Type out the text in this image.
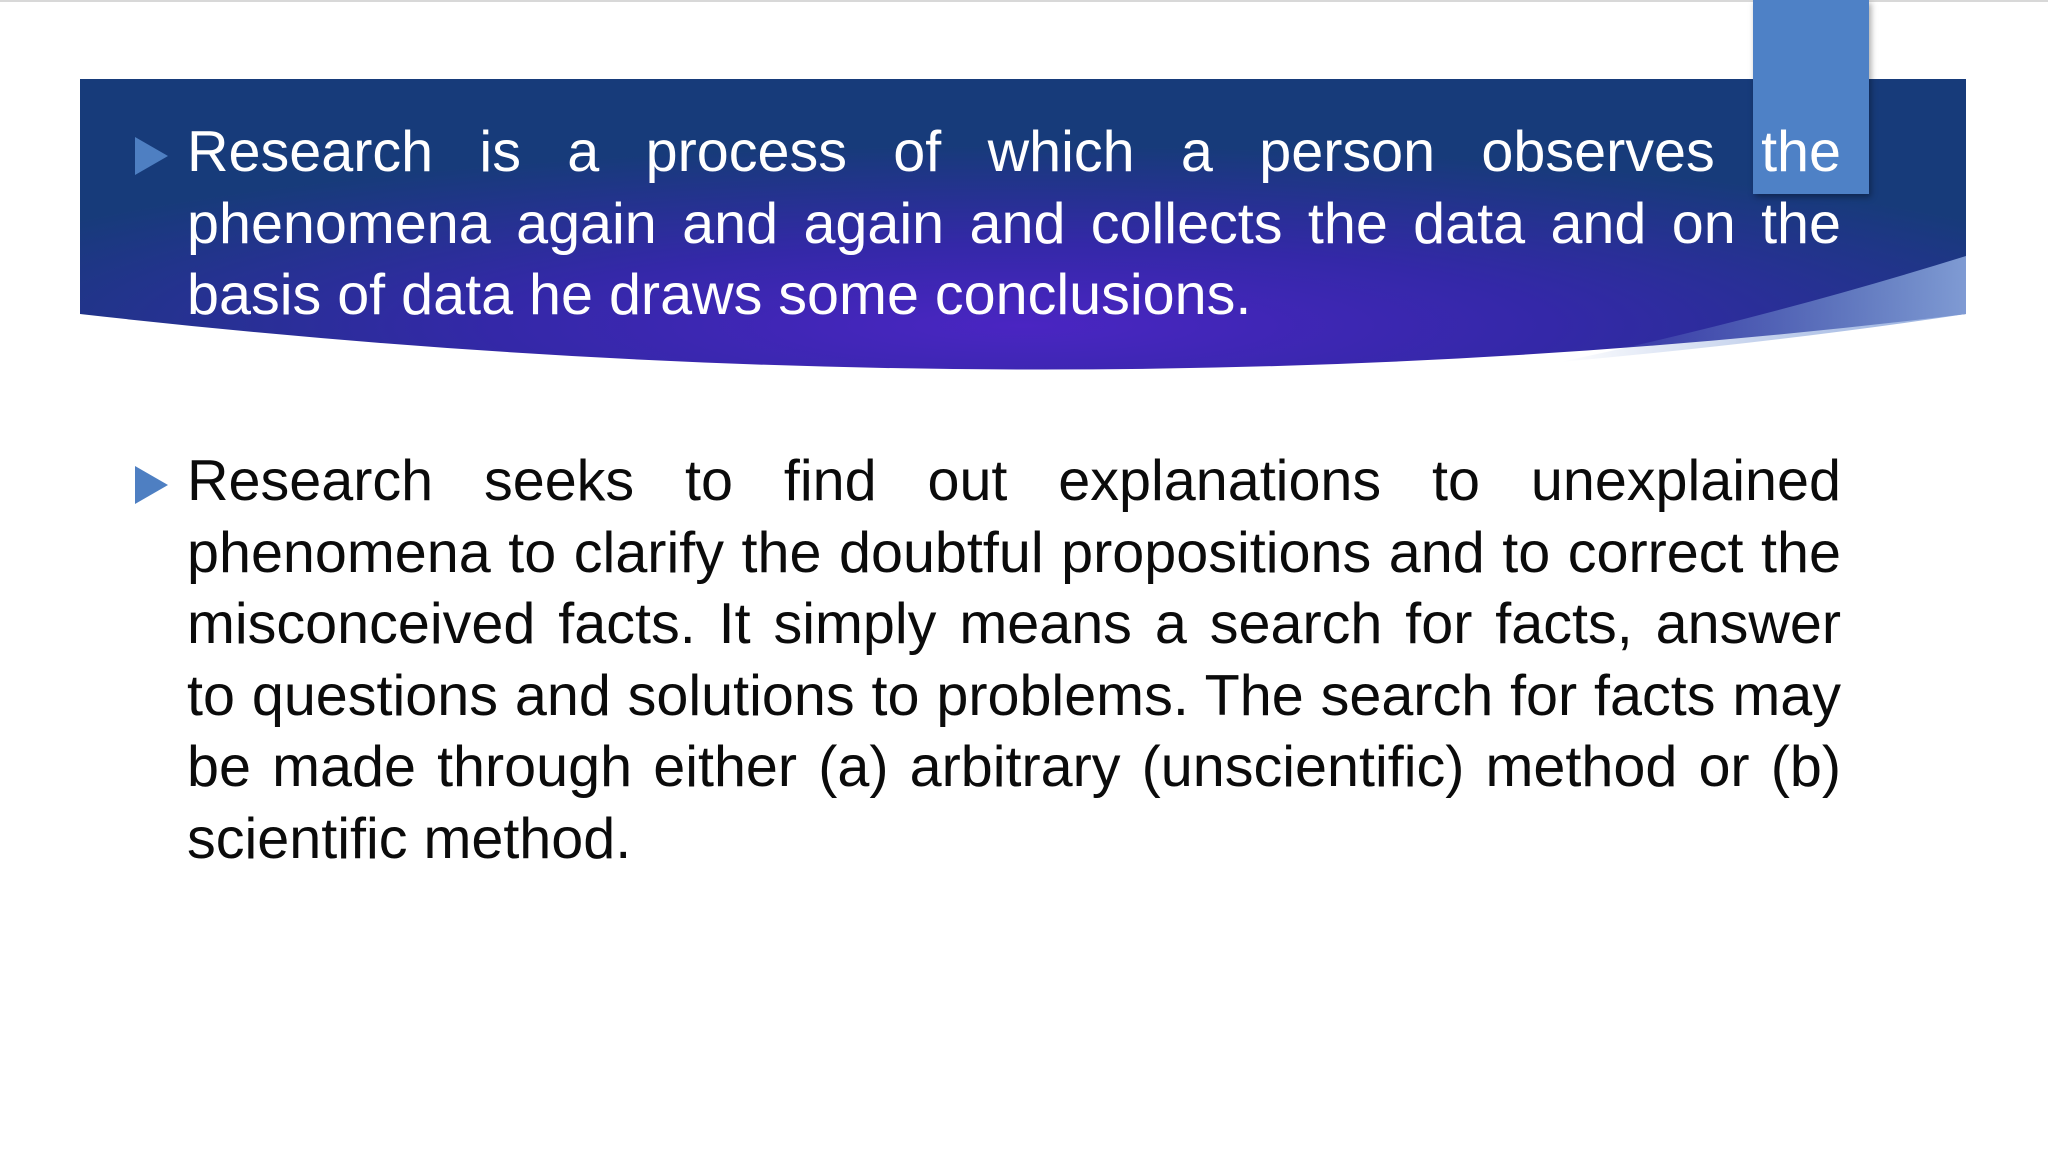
Research is a process of which a person observes the phenomena again and again and collects the data and on the basis of data he draws some conclusions.

Research seeks to find out explanations to unexplained phenomena to clarify the doubtful propositions and to correct the misconceived facts. It simply means a search for facts, answer to questions and solutions to problems. The search for facts may be made through either (a) arbitrary (unscientific) method or (b) scientific method.
